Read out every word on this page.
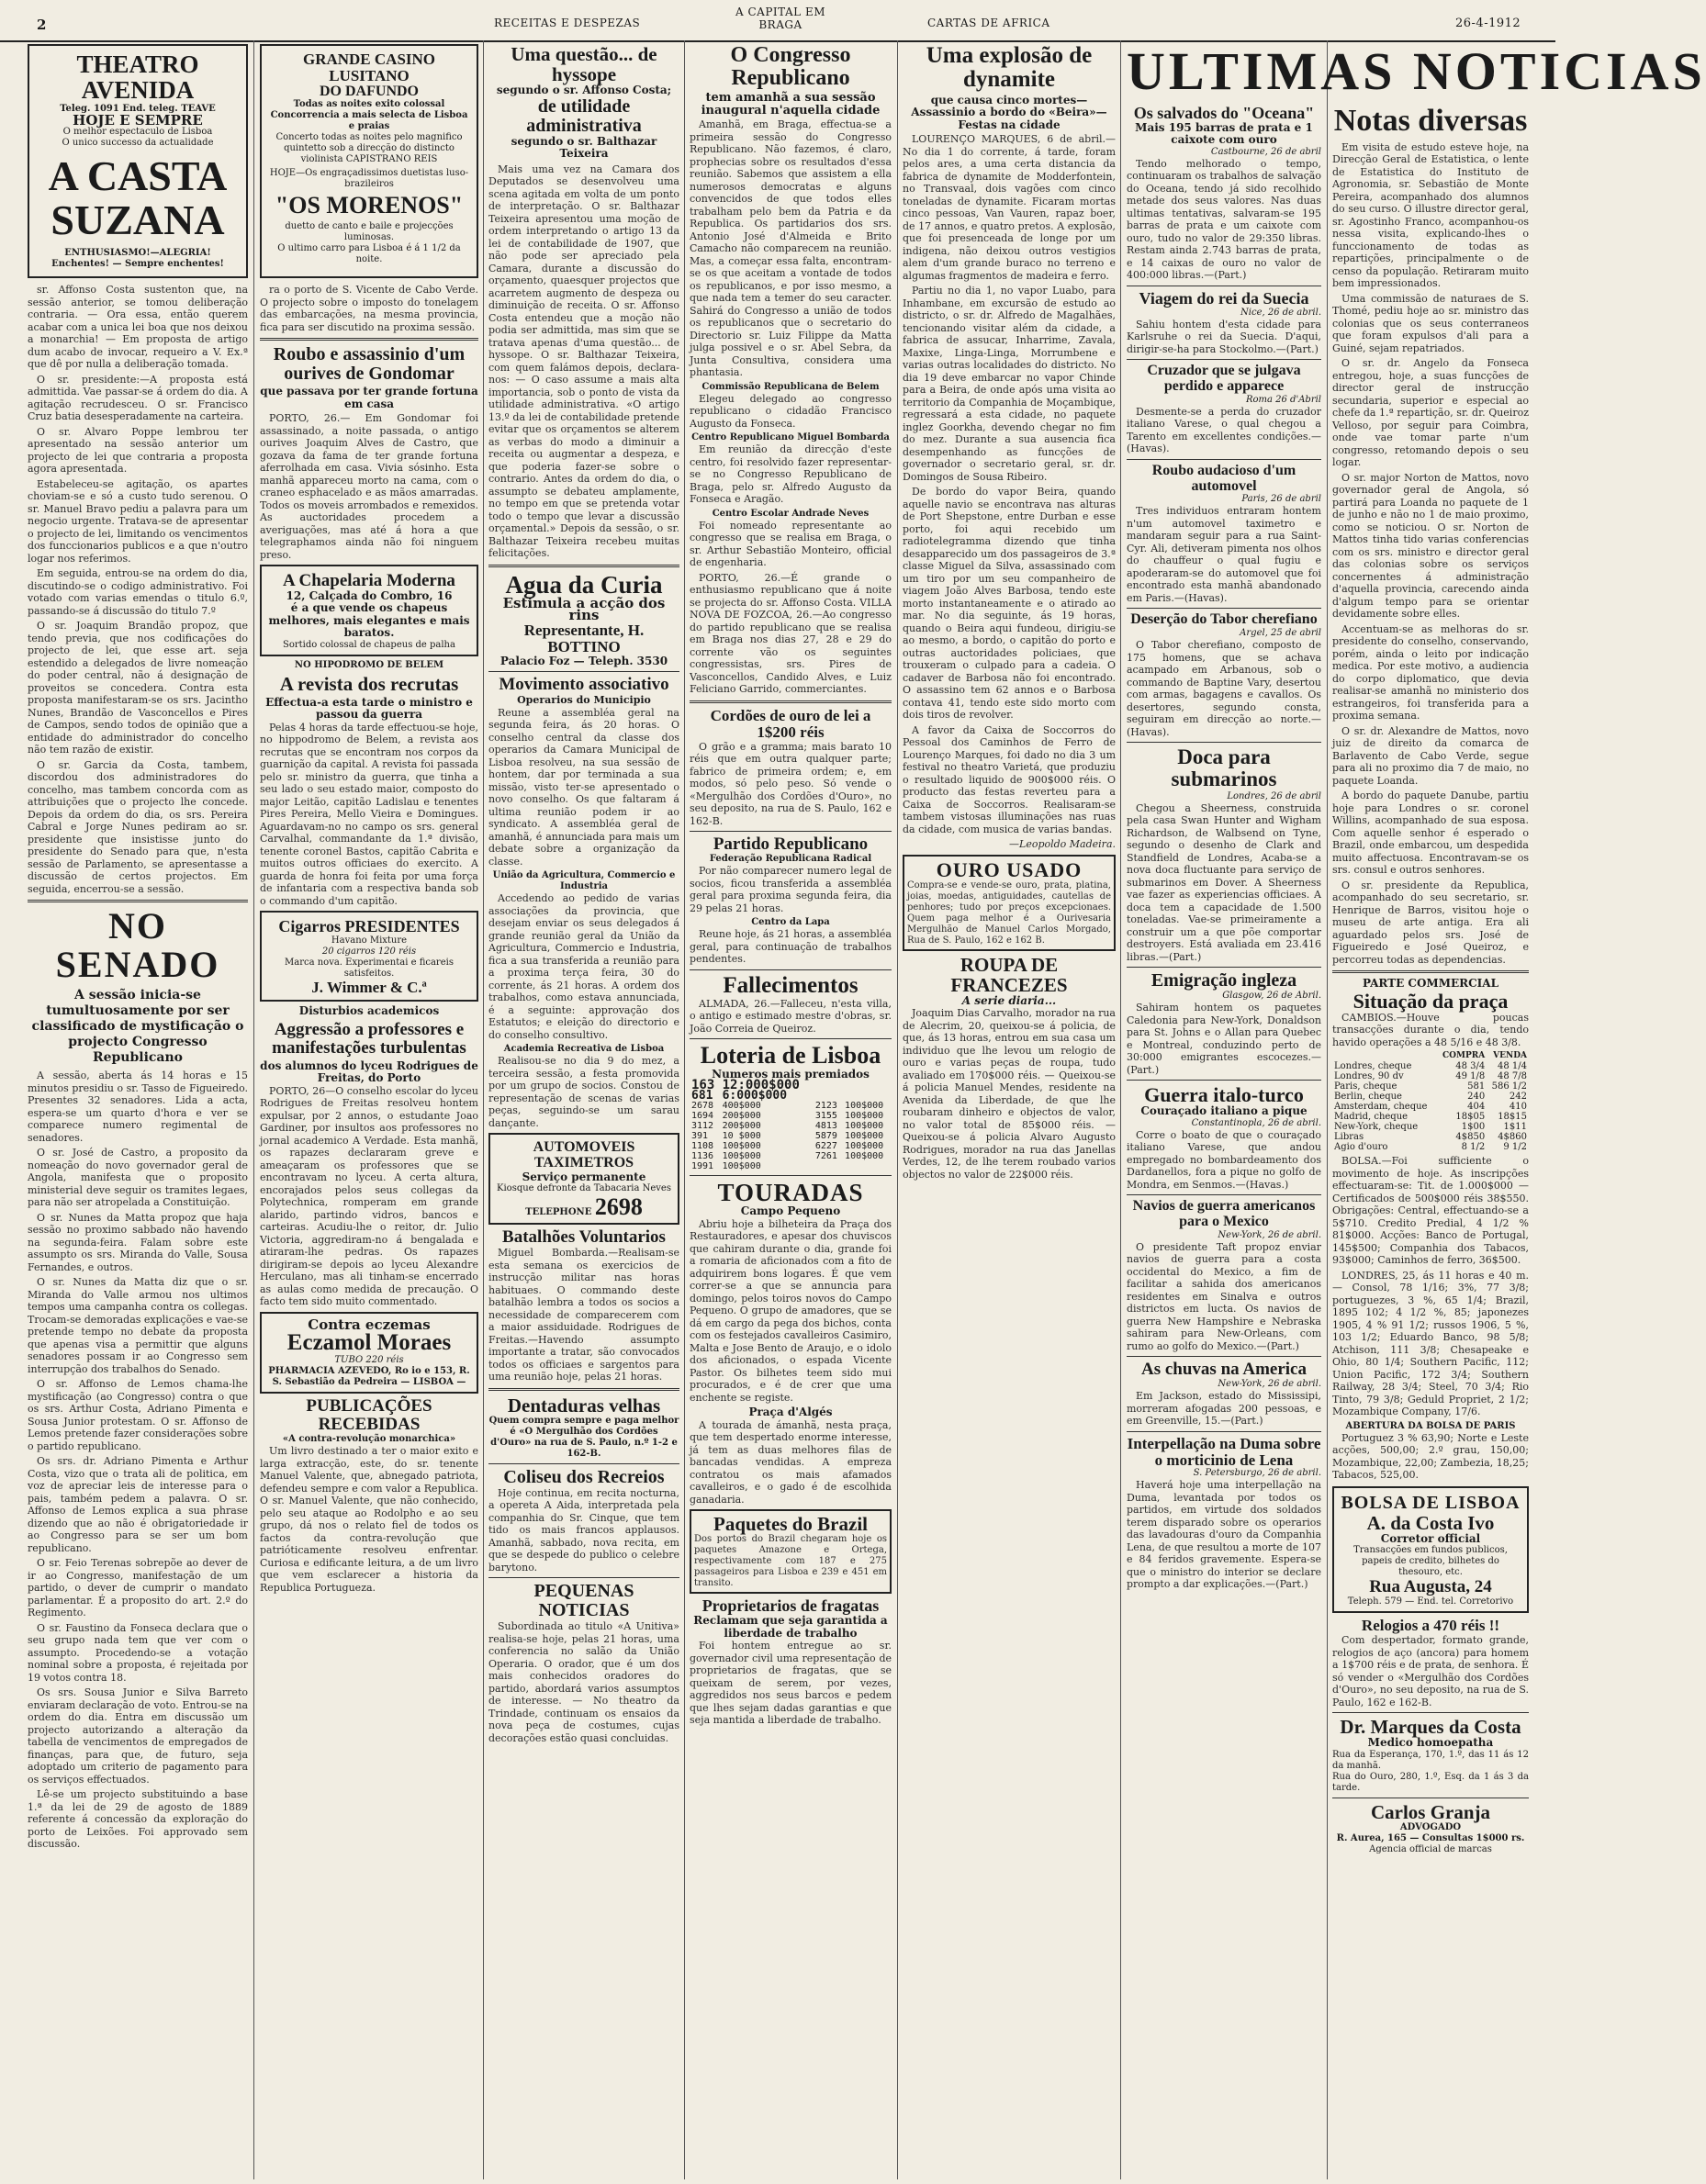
2	RECEITAS E DESPEZAS
A CAPITAL EM BRAGA	CARTAS DE AFRICA	26-4-1912
THEATRO AVENIDA
Teleg. 1091 End. teleg. TEAVE
HOJE E SEMPRE
O melhor espectaculo de Lisboa
O unico successo da actualidade
A CASTA SUZANA
ENTHUSIASMO!—ALEGRIA! Enchentes! — Sempre enchentes!

sr. Affonso Costa sustenton que, na sessão anterior, se tomou deliberação contraria. — Ora essa, então querem acabar com a unica lei boa que nos deixou a monarchia! — Em proposta de artigo dum acabo de invocar, requeiro a V. Ex.ª que dê por nulla a deliberação tomada.

O sr. presidente:—A proposta está admittida. Vae passar-se á ordem do dia. A agitação recrudesceu. O sr. Francisco Cruz batia desesperadamente na carteira.

O sr. Alvaro Poppe lembrou ter apresentado na sessão anterior um projecto de lei que contraria a proposta agora apresentada.

Estabeleceu-se agitação, os apartes choviam-se e só a custo tudo serenou. O sr. Manuel Bravo pediu a palavra para um negocio urgente. Tratava-se de apresentar o projecto de lei, limitando os vencimentos dos funccionarios publicos e a que n'outro logar nos referimos.

Em seguida, entrou-se na ordem do dia, discutindo-se o codigo administrativo. Foi votado com varias emendas o titulo 6.º, passando-se á discussão do titulo 7.º

O sr. Joaquim Brandão propoz, que tendo previa, que nos codificações do projecto de lei, que esse art. seja estendido a delegados de livre nomeação do poder central, não á designação de proveitos se concedera. Contra esta proposta manifestaram-se os srs. Jacintho Nunes, Brandão de Vasconcellos e Pires de Campos, sendo todos de opinião que a entidade do administrador do concelho não tem razão de existir.

O sr. Garcia da Costa, tambem, discordou dos administradores do concelho, mas tambem concorda com as attribuições que o projecto lhe concede. Depois da ordem do dia, os srs. Pereira Cabral e Jorge Nunes pediram ao sr. presidente que insistisse junto do presidente do Senado para que, n'esta sessão de Parlamento, se apresentasse a discussão de certos projectos. Em seguida, encerrou-se a sessão.

NO SENADO
A sessão inicia-se tumultuosamente por ser classificado de mystificação o projecto Congresso Republicano

A sessão, aberta ás 14 horas e 15 minutos presidiu o sr. Tasso de Figueiredo. Presentes 32 senadores. Lida a acta, espera-se um quarto d'hora e ver se comparece numero regimental de senadores.

O sr. José de Castro, a proposito da nomeação do novo governador geral de Angola, manifesta que o proposito ministerial deve seguir os tramites legaes, para não ser atropelada a Constituição.

O sr. Nunes da Matta propoz que haja sessão no proximo sabbado não havendo na segunda-feira. Falam sobre este assumpto os srs. Miranda do Valle, Sousa Fernandes, e outros.

O sr. Nunes da Matta diz que o sr. Miranda do Valle armou nos ultimos tempos uma campanha contra os collegas. Trocam-se demoradas explicações e vae-se pretende tempo no debate da proposta que apenas visa a permittir que alguns senadores possam ir ao Congresso sem interrupção dos trabalhos do Senado.

O sr. Affonso de Lemos chama-lhe mystificação (ao Congresso) contra o que os srs. Arthur Costa, Adriano Pimenta e Sousa Junior protestam. O sr. Affonso de Lemos pretende fazer considerações sobre o partido republicano.

Os srs. dr. Adriano Pimenta e Arthur Costa, vizo que o trata ali de politica, em voz de apreciar leis de interesse para o pais, também pedem a palavra. O sr. Affonso de Lemos explica a sua phrase dizendo que ao não é obrigatoriedade ir ao Congresso para se ser um bom republicano.

O sr. Feio Terenas sobrepõe ao dever de ir ao Congresso, manifestação de um partido, o dever de cumprir o mandato parlamentar. É a proposito do art. 2.º do Regimento.

O sr. Faustino da Fonseca declara que o seu grupo nada tem que ver com o assumpto. Procedendo-se a votação nominal sobre a proposta, é rejeitada por 19 votos contra 18.

Os srs. Sousa Junior e Silva Barreto enviaram declaração de voto. Entrou-se na ordem do dia. Entra em discussão um projecto autorizando a alteração da tabella de vencimentos de empregados de finanças, para que, de futuro, seja adoptado um criterio de pagamento para os serviços effectuados.

Lê-se um projecto substituindo a base 1.ª da lei de 29 de agosto de 1889 referente á concessão da exploração do porto de Leixões. Foi approvado sem discussão.

GRANDE CASINO LUSITANO
DO DAFUNDO
Todas as noites exito colossal
Concorrencia a mais selecta de Lisboa e praias
Concerto todas as noites pelo magnifico quintetto sob a direcção do distincto violinista CAPISTRANO REIS
HOJE—Os engraçadissimos duetistas luso-brazileiros
"OS MORENOS"
duetto de canto e baile e projecções luminosas.
O ultimo carro para Lisboa é á 1 1/2 da noite.

ra o porto de S. Vicente de Cabo Verde. O projecto sobre o imposto do tonelagem das embarcações, na mesma provincia, fica para ser discutido na proxima sessão.

Roubo e assassinio d'um ourives de Gondomar
que passava por ter grande fortuna em casa

PORTO, 26.— Em Gondomar foi assassinado, a noite passada, o antigo ourives Joaquim Alves de Castro, que gozava da fama de ter grande fortuna aferrolhada em casa. Vivia sósinho. Esta manhã appareceu morto na cama, com o craneo esphacelado e as mãos amarradas. Todos os moveis arrombados e remexidos. As auctoridades procedem a averiguações, mas até á hora a que telegraphamos ainda não foi ninguem preso.

A Chapelaria Moderna
12, Calçada do Combro, 16
é a que vende os chapeus melhores, mais elegantes e mais baratos.
Sortido colossal de chapeus de palha
NO HIPODROMO DE BELEM
A revista dos recrutas
Effectua-a esta tarde o ministro e passou da guerra

Pelas 4 horas da tarde effectuou-se hoje, no hippodromo de Belem, a revista aos recrutas que se encontram nos corpos da guarnição da capital. A revista foi passada pelo sr. ministro da guerra, que tinha a seu lado o seu estado maior, composto do major Leitão, capitão Ladislau e tenentes Pires Pereira, Mello Vieira e Domingues. Aguardavam-no no campo os srs. general Carvalhal, commandante da 1.ª divisão, tenente coronel Bastos, capitão Cabrita e muitos outros officiaes do exercito. A guarda de honra foi feita por uma força de infantaria com a respectiva banda sob o commando d'um capitão.

Cigarros PRESIDENTES
Havano Mixture
20 cigarros 120 réis
Marca nova. Experimentai e ficareis satisfeitos.
J. Wimmer & C.ª
Disturbios academicos
Aggressão a professores e manifestações turbulentas
dos alumnos do lyceu Rodrigues de Freitas, do Porto

PORTO, 26—O conselho escolar do lyceu Rodrigues de Freitas resolveu hontem expulsar, por 2 annos, o estudante Joao Gardiner, por insultos aos professores no jornal academico A Verdade. Esta manhã, os rapazes declararam greve e ameaçaram os professores que se encontravam no lyceu. A certa altura, encorajados pelos seus collegas da Polytechnica, romperam em grande alarido, partindo vidros, bancos e carteiras. Acudiu-lhe o reitor, dr. Julio Victoria, aggrediram-no á bengalada e atiraram-lhe pedras. Os rapazes dirigiram-se depois ao lyceu Alexandre Herculano, mas ali tinham-se encerrado as aulas como medida de precaução. O facto tem sido muito commentado.

Contra eczemas
Eczamol Moraes
TUBO 220 réis
PHARMACIA AZEVEDO, Ro io e 153, R. S. Sebastião da Pedreira — LISBOA —
PUBLICAÇÕES RECEBIDAS
«A contra-revolução monarchica»

Um livro destinado a ter o maior exito e larga extracção, este, do sr. tenente Manuel Valente, que, abnegado patriota, defendeu sempre e com valor a Republica. O sr. Manuel Valente, que não conhecido, pelo seu ataque ao Rodolpho e ao seu grupo, dá nos o relato fiel de todos os factos da contra-revolução que patrióticamente resolveu enfrentar. Curiosa e edificante leitura, a de um livro que vem esclarecer a historia da Republica Portugueza.

Uma questão... de hyssope
segundo o sr. Affonso Costa;
de utilidade administrativa
segundo o sr. Balthazar Teixeira

Mais uma vez na Camara dos Deputados se desenvolveu uma scena agitada em volta de um ponto de interpretação. O sr. Balthazar Teixeira apresentou uma moção de ordem interpretando o artigo 13 da lei de contabilidade de 1907, que não pode ser apreciado pela Camara, durante a discussão do orçamento, quaesquer projectos que acarretem augmento de despeza ou diminuição de receita. O sr. Affonso Costa entendeu que a moção não podia ser admittida, mas sim que se tratava apenas d'uma questão... de hyssope. O sr. Balthazar Teixeira, com quem falámos depois, declara-nos: — O caso assume a mais alta importancia, sob o ponto de vista da utilidade administrativa. «O artigo 13.º da lei de contabilidade pretende evitar que os orçamentos se alterem as verbas do modo a diminuir a receita ou augmentar a despeza, e que poderia fazer-se sobre o contrario. Antes da ordem do dia, o assumpto se debateu amplamente, no tempo em que se pretenda votar todo o tempo que levar a discussão orçamental.» Depois da sessão, o sr. Balthazar Teixeira recebeu muitas felicitações.

Agua da Curia
Estimula a acção dos rins
Representante, H. BOTTINO
Palacio Foz — Teleph. 3530
Movimento associativo
Operarios do Municipio

Reune a assembléa geral na segunda feira, ás 20 horas. O conselho central da classe dos operarios da Camara Municipal de Lisboa resolveu, na sua sessão de hontem, dar por terminada a sua missão, visto ter-se apresentado o novo conselho. Os que faltaram á ultima reunião podem ir ao syndicato. A assembléa geral de amanhã, é annunciada para mais um debate sobre a organização da classe.

União da Agricultura, Commercio e Industria

Accedendo ao pedido de varias associações da provincia, que desejam enviar os seus delegados á grande reunião geral da União da Agricultura, Commercio e Industria, fica a sua transferida a reunião para a proxima terça feira, 30 do corrente, ás 21 horas. A ordem dos trabalhos, como estava annunciada, é a seguinte: approvação dos Estatutos; e eleição do directorio e do conselho consultivo.

Academia Recreativa de Lisboa

Realisou-se no dia 9 do mez, a terceira sessão, a festa promovida por um grupo de socios. Constou de representação de scenas de varias peças, seguindo-se um sarau dançante.

AUTOMOVEIS TAXIMETROS
Serviço permanente
Kiosque defronte da Tabacaria Neves
TELEPHONE 2698
Batalhões Voluntarios

Miguel Bombarda.—Realisam-se esta semana os exercicios de instrucção militar nas horas habituaes. O commando deste batalhão lembra a todos os socios a necessidade de comparecerem com a maior assiduidade. Rodrigues de Freitas.—Havendo assumpto importante a tratar, são convocados todos os officiaes e sargentos para uma reunião hoje, pelas 21 horas.

Dentaduras velhas
Quem compra sempre e paga melhor é «O Mergulhão dos Cordões d'Ouro» na rua de S. Paulo, n.º 1-2 e 162-B.
Coliseu dos Recreios

Hoje continua, em recita nocturna, a opereta A Aida, interpretada pela companhia do Sr. Cinque, que tem tido os mais francos applausos. Amanhã, sabbado, nova recita, em que se despede do publico o celebre barytono.

PEQUENAS NOTICIAS

Subordinada ao titulo «A Unitiva» realisa-se hoje, pelas 21 horas, uma conferencia no salão da União Operaria. O orador, que é um dos mais conhecidos oradores do partido, abordará varios assumptos de interesse. — No theatro da Trindade, continuam os ensaios da nova peça de costumes, cujas decorações estão quasi concluidas.

O Congresso Republicano
tem amanhã a sua sessão inaugural n'aquella cidade

Amanhã, em Braga, effectua-se a primeira sessão do Congresso Republicano. Não fazemos, é claro, prophecias sobre os resultados d'essa reunião. Sabemos que assistem a ella numerosos democratas e alguns convencidos de que todos elles trabalham pelo bem da Patria e da Republica. Os partidarios dos srs. Antonio José d'Almeida e Brito Camacho não comparecem na reunião. Mas, a começar essa falta, encontram-se os que aceitam a vontade de todos os republicanos, e por isso mesmo, a que nada tem a temer do seu caracter. Sahirá do Congresso a união de todos os republicanos que o secretario do Directorio sr. Luiz Filippe da Matta julga possivel e o sr. Abel Sebra, da Junta Consultiva, considera uma phantasia.

Commissão Republicana de Belem

Elegeu delegado ao congresso republicano o cidadão Francisco Augusto da Fonseca.

Centro Republicano Miguel Bombarda

Em reunião da direcção d'este centro, foi resolvido fazer representar-se no Congresso Republicano de Braga, pelo sr. Alfredo Augusto da Fonseca e Aragão.

Centro Escolar Andrade Neves

Foi nomeado representante ao congresso que se realisa em Braga, o sr. Arthur Sebastião Monteiro, official de engenharia.

PORTO, 26.—É grande o enthusiasmo republicano que á noite se projecta do sr. Affonso Costa. VILLA NOVA DE FOZCOA, 26.—Ao congresso do partido republicano que se realisa em Braga nos dias 27, 28 e 29 do corrente vão os seguintes congressistas, srs. Pires de Vasconcellos, Candido Alves, e Luiz Feliciano Garrido, commerciantes.

Cordões de ouro de lei a 1$200 réis

O grão e a gramma; mais barato 10 réis que em outra qualquer parte; fabrico de primeira ordem; e, em modos, só pelo peso. Só vende o «Mergulhão dos Cordões d'Ouro», no seu deposito, na rua de S. Paulo, 162 e 162-B.

Partido Republicano
Federação Republicana Radical

Por não comparecer numero legal de socios, ficou transferida a assembléa geral para proxima segunda feira, dia 29 pelas 21 horas.

Centro da Lapa

Reune hoje, ás 21 horas, a assembléa geral, para continuação de trabalhos pendentes.

Fallecimentos

ALMADA, 26.—Falleceu, n'esta villa, o antigo e estimado mestre d'obras, sr. João Correia de Queiroz.

Loteria de Lisboa
Numeros mais premiados
163	12:000$000		
681	6:000$000		
2678	400$000	2123	100$000
1694	200$000	3155	100$000
3112	200$000	4813	100$000
391	10 $000	5879	100$000
1108	100$000	6227	100$000
1136	100$000	7261	100$000
1991	100$000		
TOURADAS
Campo Pequeno

Abriu hoje a bilheteira da Praça dos Restauradores, e apesar dos chuviscos que cahiram durante o dia, grande foi a romaria de aficionados com a fito de adquirirem bons logares. É que vem correr-se a que se annuncia para domingo, pelos toiros novos do Campo Pequeno. O grupo de amadores, que se dá em cargo da pega dos bichos, conta com os festejados cavalleiros Casimiro, Malta e Jose Bento de Araujo, e o idolo dos aficionados, o espada Vicente Pastor. Os bilhetes teem sido mui procurados, e é de crer que uma enchente se registe.

Praça d'Algés

A tourada de ámanhã, nesta praça, que tem despertado enorme interesse, já tem as duas melhores filas de bancadas vendidas. A empreza contratou os mais afamados cavalleiros, e o gado é de escolhida ganadaria.

Paquetes do Brazil
Dos portos do Brazil chegaram hoje os paquetes Amazone e Ortega, respectivamente com 187 e 275 passageiros para Lisboa e 239 e 451 em transito.
Proprietarios de fragatas
Reclamam que seja garantida a liberdade de trabalho

Foi hontem entregue ao sr. governador civil uma representação de proprietarios de fragatas, que se queixam de serem, por vezes, aggredidos nos seus barcos e pedem que lhes sejam dadas garantias e que seja mantida a liberdade de trabalho.

Uma explosão de dynamite
que causa cinco mortes—Assassinio a bordo do «Beira»—Festas na cidade

LOURENÇO MARQUES, 6 de abril.—No dia 1 do corrente, á tarde, foram pelos ares, a uma certa distancia da fabrica de dynamite de Modderfontein, no Transvaal, dois vagões com cinco toneladas de dynamite. Ficaram mortas cinco pessoas, Van Vauren, rapaz boer, de 17 annos, e quatro pretos. A explosão, que foi presenceada de longe por um indigena, não deixou outros vestigios alem d'um grande buraco no terreno e algumas fragmentos de madeira e ferro.

Partiu no dia 1, no vapor Luabo, para Inhambane, em excursão de estudo ao districto, o sr. dr. Alfredo de Magalhães, tencionando visitar além da cidade, a fabrica de assucar, Inharrime, Zavala, Maxixe, Linga-Linga, Morrumbene e varias outras localidades do districto. No dia 19 deve embarcar no vapor Chinde para a Beira, de onde após uma visita ao territorio da Companhia de Moçambique, regressará a esta cidade, no paquete inglez Goorkha, devendo chegar no fim do mez. Durante a sua ausencia fica desempenhando as funcções de governador o secretario geral, sr. dr. Domingos de Sousa Ribeiro.

De bordo do vapor Beira, quando aquelle navio se encontrava nas alturas de Port Shepstone, entre Durban e esse porto, foi aqui recebido um radiotelegramma dizendo que tinha desapparecido um dos passageiros de 3.ª classe Miguel da Silva, assassinado com um tiro por um seu companheiro de viagem João Alves Barbosa, tendo este morto instantaneamente e o atirado ao mar. No dia seguinte, ás 19 horas, quando o Beira aqui fundeou, dirigiu-se ao mesmo, a bordo, o capitão do porto e outras auctoridades policiaes, que trouxeram o culpado para a cadeia. O cadaver de Barbosa não foi encontrado. O assassino tem 62 annos e o Barbosa contava 41, tendo este sido morto com dois tiros de revolver.

A favor da Caixa de Soccorros do Pessoal dos Caminhos de Ferro de Lourenço Marques, foi dado no dia 3 um festival no theatro Varietá, que produziu o resultado liquido de 900$000 réis. O producto das festas reverteu para a Caixa de Soccorros. Realisaram-se tambem vistosas illuminações nas ruas da cidade, com musica de varias bandas.

—Leopoldo Madeira.

OURO USADO
Compra-se e vende-se ouro, prata, platina, joias, moedas, antiguidades, cautellas de penhores; tudo por preços excepcionaes. Quem paga melhor é a Ourivesaria Mergulhão de Manuel Carlos Morgado, Rua de S. Paulo, 162 e 162 B.
ROUPA DE FRANCEZES
A serie diaria...

Joaquim Dias Carvalho, morador na rua de Alecrim, 20, queixou-se á policia, de que, ás 13 horas, entrou em sua casa um individuo que lhe levou um relogio de ouro e varias peças de roupa, tudo avaliado em 170$000 réis. — Queixou-se á policia Manuel Mendes, residente na Avenida da Liberdade, de que lhe roubaram dinheiro e objectos de valor, no valor total de 85$000 réis. — Queixou-se á policia Alvaro Augusto Rodrigues, morador na rua das Janellas Verdes, 12, de lhe terem roubado varios objectos no valor de 22$000 réis.

ULTIMAS NOTICIAS
Os salvados do "Oceana"
Mais 195 barras de prata e 1 caixote com ouro
Castbourne, 26 de abril

Tendo melhorado o tempo, continuaram os trabalhos de salvação do Oceana, tendo já sido recolhido metade dos seus valores. Nas duas ultimas tentativas, salvaram-se 195 barras de prata e um caixote com ouro, tudo no valor de 29:350 libras. Restam ainda 2.743 barras de prata, e 14 caixas de ouro no valor de 400:000 libras.—(Part.)

Viagem do rei da Suecia
Nice, 26 de abril.

Sahiu hontem d'esta cidade para Karlsruhe o rei da Suecia. D'aqui, dirigir-se-ha para Stockolmo.—(Part.)

Cruzador que se julgava perdido e apparece
Roma 26 d'Abril

Desmente-se a perda do cruzador italiano Varese, o qual chegou a Tarento em excellentes condições.—(Havas).

Roubo audacioso d'um automovel
Paris, 26 de abril

Tres individuos entraram hontem n'um automovel taximetro e mandaram seguir para a rua Saint-Cyr. Ali, detiveram pimenta nos olhos do chauffeur o qual fugiu e apoderaram-se do automovel que foi encontrado esta manhã abandonado em Paris.—(Havas).

Deserção do Tabor cherefiano
Argel, 25 de abril

O Tabor cherefiano, composto de 175 homens, que se achava acampado em Arbanous, sob o commando de Baptine Vary, desertou com armas, bagagens e cavallos. Os desertores, segundo consta, seguiram em direcção ao norte.—(Havas).

Doca para submarinos
Londres, 26 de abril

Chegou a Sheerness, construida pela casa Swan Hunter and Wigham Richardson, de Walbsend on Tyne, segundo o desenho de Clark and Standfield de Londres, Acaba-se a nova doca fluctuante para serviço de submarinos em Dover. A Sheerness vae fazer as experiencias officiaes. A doca tem a capacidade de 1.500 toneladas. Vae-se primeiramente a construir um a que põe comportar destroyers. Está avaliada em 23.416 libras.—(Part.)

Emigração ingleza
Glasgow, 26 de Abril.

Sahiram hontem os paquetes Caledonia para New-York, Donaldson para St. Johns e o Allan para Quebec e Montreal, conduzindo perto de 30:000 emigrantes escocezes.—(Part.)

Guerra italo-turco
Couraçado italiano a pique
Constantinopla, 26 de abril.

Corre o boato de que o couraçado italiano Varese, que andou empregado no bombardeamento dos Dardanellos, fora a pique no golfo de Mondra, em Senmos.—(Havas.)

Navios de guerra americanos para o Mexico
New-York, 26 de abril.

O presidente Taft propoz enviar navios de guerra para a costa occidental do Mexico, a fim de facilitar a sahida dos americanos residentes em Sinalva e outros districtos em lucta. Os navios de guerra New Hampshire e Nebraska sahiram para New-Orleans, com rumo ao golfo do Mexico.—(Part.)

As chuvas na America
New-York, 26 de abril.

Em Jackson, estado do Mississipi, morreram afogadas 200 pessoas, e em Greenville, 15.—(Part.)

Interpellação na Duma sobre o morticinio de Lena
S. Petersburgo, 26 de abril.

Haverá hoje uma interpellação na Duma, levantada por todos os partidos, em virtude dos soldados terem disparado sobre os operarios das lavadouras d'ouro da Companhia Lena, de que resultou a morte de 107 e 84 feridos gravemente. Espera-se que o ministro do interior se declare prompto a dar explicações.—(Part.)

Notas diversas

Em visita de estudo esteve hoje, na Direcção Geral de Estatistica, o lente de Estatistica do Instituto de Agronomia, sr. Sebastião de Monte Pereira, acompanhado dos alumnos do seu curso. O illustre director geral, sr. Agostinho Franco, acompanhou-os nessa visita, explicando-lhes o funccionamento de todas as repartições, principalmente o de censo da população. Retiraram muito bem impressionados.

Uma commissão de naturaes de S. Thomé, pediu hoje ao sr. ministro das colonias que os seus conterraneos que foram expulsos d'ali para a Guiné, sejam repatriados.

O sr. dr. Angelo da Fonseca entregou, hoje, a suas funcções de director geral de instrucção secundaria, superior e especial ao chefe da 1.ª repartição, sr. dr. Queiroz Velloso, por seguir para Coimbra, onde vae tomar parte n'um congresso, retomando depois o seu logar.

O sr. major Norton de Mattos, novo governador geral de Angola, só partirá para Loanda no paquete de 1 de junho e não no 1 de maio proximo, como se noticiou. O sr. Norton de Mattos tinha tido varias conferencias com os srs. ministro e director geral das colonias sobre os serviços concernentes á administração d'aquella provincia, carecendo ainda d'algum tempo para se orientar devidamente sobre elles.

Accentuam-se as melhoras do sr. presidente do conselho, conservando, porém, ainda o leito por indicação medica. Por este motivo, a audiencia do corpo diplomatico, que devia realisar-se amanhã no ministerio dos estrangeiros, foi transferida para a proxima semana.

O sr. dr. Alexandre de Mattos, novo juiz de direito da comarca de Barlavento de Cabo Verde, segue para ali no proximo dia 7 de maio, no paquete Loanda.

A bordo do paquete Danube, partiu hoje para Londres o sr. coronel Willins, acompanhado de sua esposa. Com aquelle senhor é esperado o Brazil, onde embarcou, um despedida muito affectuosa. Encontravam-se os srs. consul e outros senhores.

O sr. presidente da Republica, acompanhado do seu secretario, sr. Henrique de Barros, visitou hoje o museu de arte antiga. Era ali aguardado pelos srs. José de Figueiredo e José Queiroz, e percorreu todas as dependencias.

PARTE COMMERCIAL
Situação da praça

CAMBIOS.—Houve poucas transacções durante o dia, tendo havido operações a 48 5/16 e 48 3/8.

	COMPRA	VENDA
Londres, cheque	48 3/4	48 1/4
Londres, 90 dv	49 1/8	48 7/8
Paris, cheque	581	586 1/2
Berlin, cheque	240	242
Amsterdam, cheque	404	410
Madrid, cheque	18$05	18$15
New-York, cheque	1$00	1$11
Libras	4$850	4$860
Agio d'ouro	8 1/2	9 1/2

BOLSA.—Foi sufficiente o movimento de hoje. As inscripções effectuaram-se: Tit. de 1.000$000 — Certificados de 500$000 réis 38$550. Obrigações: Central, effectuando-se a 5$710. Credito Predial, 4 1/2 % 81$000. Acções: Banco de Portugal, 145$500; Companhia dos Tabacos, 93$000; Caminhos de ferro, 36$500.

LONDRES, 25, ás 11 horas e 40 m.— Consol, 78 1/16; 3%, 77 3/8; portuguezes, 3 %, 65 1/4; Brazil, 1895 102; 4 1/2 %, 85; japonezes 1905, 4 % 91 1/2; russos 1906, 5 %, 103 1/2; Eduardo Banco, 98 5/8; Atchison, 111 3/8; Chesapeake e Ohio, 80 1/4; Southern Pacific, 112; Union Pacific, 172 3/4; Southern Railway, 28 3/4; Steel, 70 3/4; Rio Tinto, 79 3/8; Geduld Propriet, 2 1/2; Mozambique Company, 17/6.

ABERTURA DA BOLSA DE PARIS

Portuguez 3 % 63,90; Norte e Leste acções, 500,00; 2.º grau, 150,00; Mozambique, 22,00; Zambezia, 18,25; Tabacos, 525,00.

BOLSA DE LISBOA
A. da Costa Ivo
Corretor official
Transacções em fundos publicos, papeis de credito, bilhetes do thesouro, etc.
Rua Augusta, 24
Teleph. 579 — End. tel. Corretorivo
Relogios a 470 réis !!

Com despertador, formato grande, relogios de aço (ancora) para homem a 1$700 réis e de prata, de senhora. É só vender o «Mergulhão dos Cordões d'Ouro», no seu deposito, na rua de S. Paulo, 162 e 162-B.

Dr. Marques da Costa
Medico homoepatha
Rua da Esperança, 170, 1.º, das 11 ás 12 da manhã.
Rua do Ouro, 280, 1.º, Esq. da 1 ás 3 da tarde.
Carlos Granja
ADVOGADO
R. Aurea, 165 — Consultas 1$000 rs.
Agencia official de marcas
